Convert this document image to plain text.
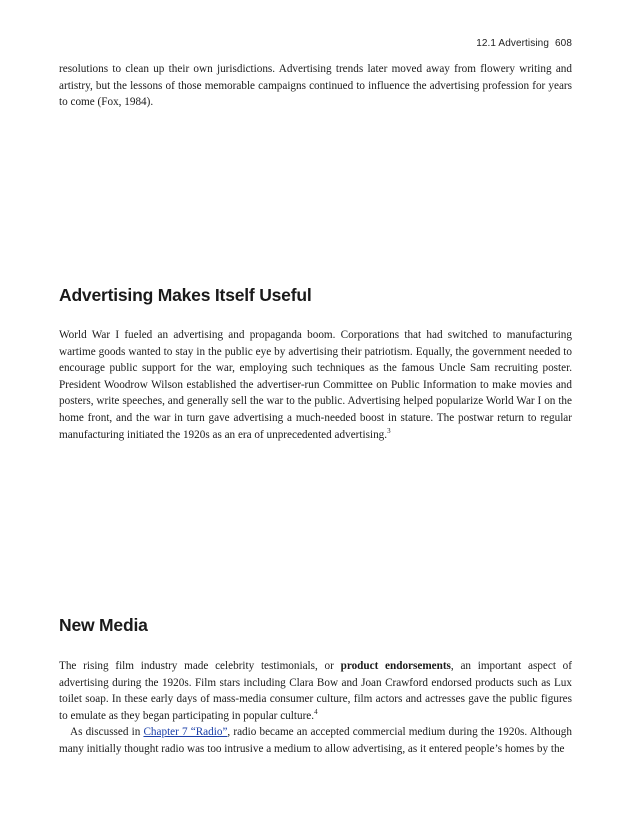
12.1 Advertising 608

resolutions to clean up their own jurisdictions. Advertising trends later moved away from flowery writing and artistry, but the lessons of those memorable campaigns continued to influence the advertising profession for years to come (Fox, 1984).

Advertising Makes Itself Useful

World War I fueled an advertising and propaganda boom. Corporations that had switched to manufacturing wartime goods wanted to stay in the public eye by advertising their patriotism. Equally, the government needed to encourage public support for the war, employing such techniques as the famous Uncle Sam recruiting poster. President Woodrow Wilson established the advertiser-run Committee on Public Information to make movies and posters, write speeches, and generally sell the war to the public. Advertising helped popularize World War I on the home front, and the war in turn gave advertising a much-needed boost in stature. The postwar return to regular manufacturing initiated the 1920s as an era of unprecedented advertising.$^3$

New Media

The rising film industry made celebrity testimonials, or product endorsements, an important aspect of advertising during the 1920s. Film stars including Clara Bow and Joan Crawford endorsed products such as Lux toilet soap. In these early days of mass-media consumer culture, film actors and actresses gave the public figures to emulate as they began participating in popular culture.$^4$

As discussed in Chapter 7 “Radio”, radio became an accepted commercial medium during the 1920s. Although many initially thought radio was too intrusive a medium to allow advertising, as it entered people’s homes by the
